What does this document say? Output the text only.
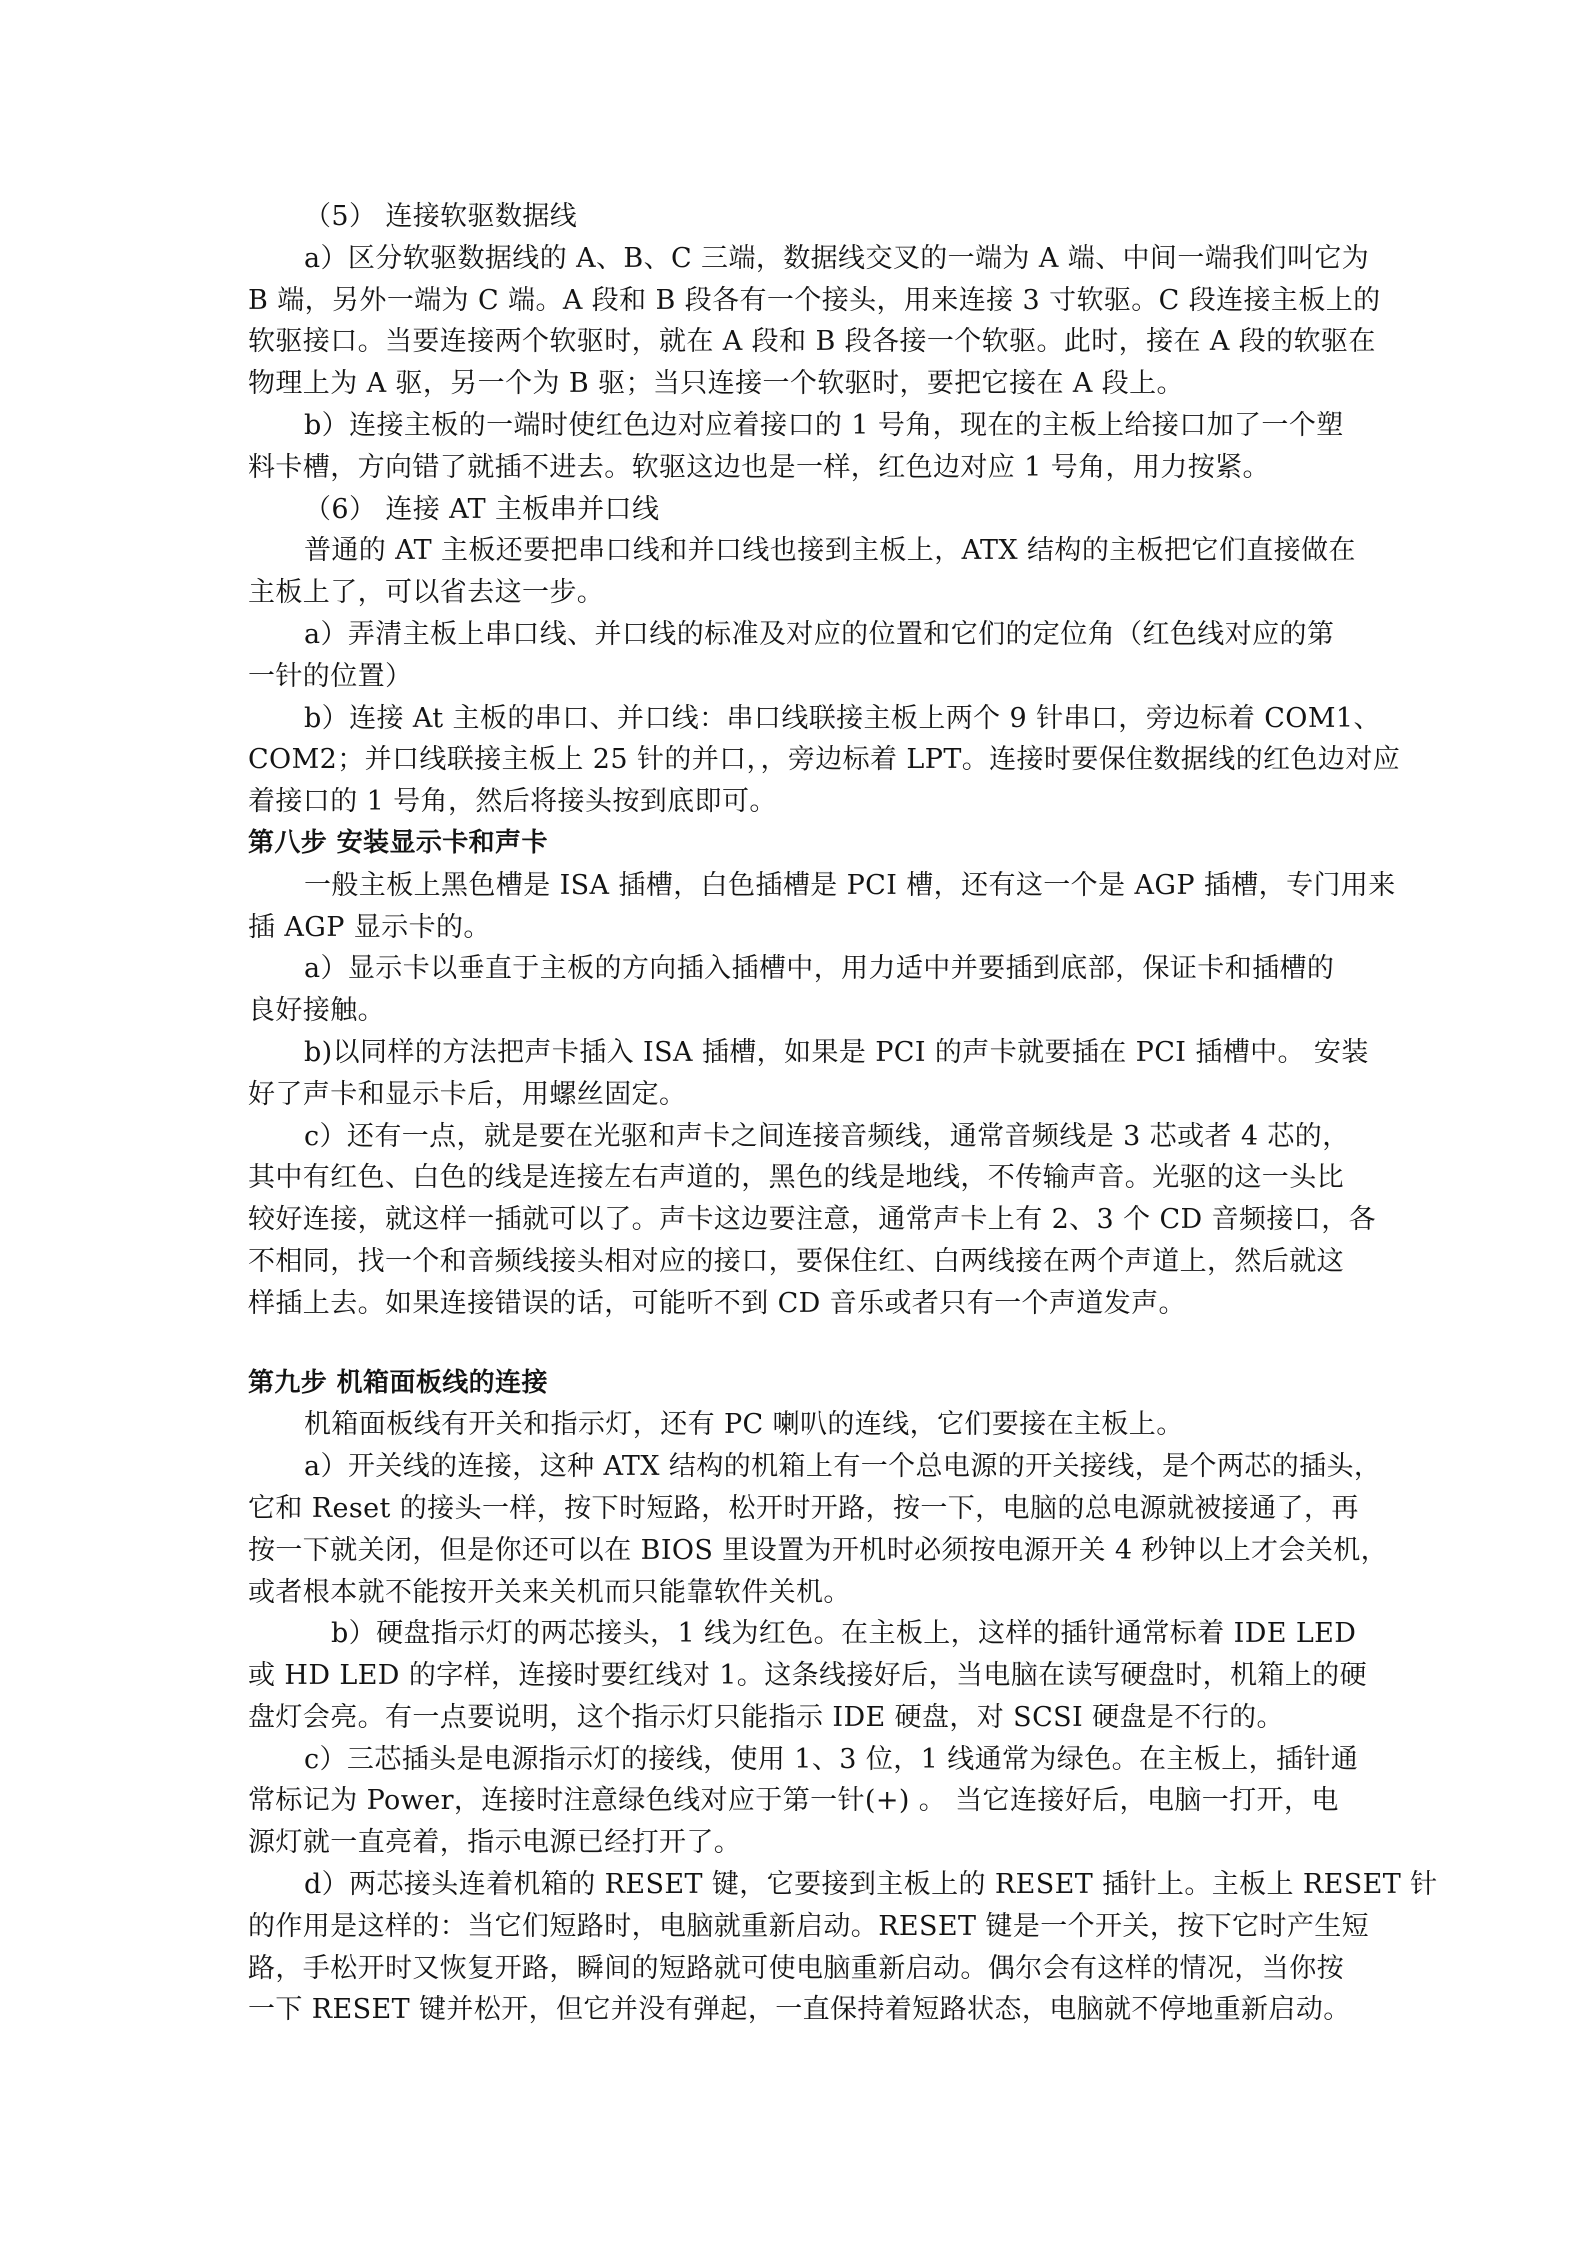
（5） 连接软驱数据线
a）区分软驱数据线的 A、B、C 三端，数据线交叉的一端为 A 端、中间一端我们叫它为
B 端，另外一端为 C 端。A 段和 B 段各有一个接头，用来连接 3 寸软驱。C 段连接主板上的
软驱接口。当要连接两个软驱时，就在 A 段和 B 段各接一个软驱。此时，接在 A 段的软驱在
物理上为 A 驱，另一个为 B 驱；当只连接一个软驱时，要把它接在 A 段上。
b）连接主板的一端时使红色边对应着接口的 1 号角，现在的主板上给接口加了一个塑
料卡槽，方向错了就插不进去。软驱这边也是一样，红色边对应 1 号角，用力按紧。
（6） 连接 AT 主板串并口线
普通的 AT 主板还要把串口线和并口线也接到主板上，ATX 结构的主板把它们直接做在
主板上了，可以省去这一步。
a）弄清主板上串口线、并口线的标准及对应的位置和它们的定位角（红色线对应的第
一针的位置）
b）连接 At 主板的串口、并口线：串口线联接主板上两个 9 针串口，旁边标着 COM1、
COM2；并口线联接主板上 25 针的并口，，旁边标着 LPT。连接时要保住数据线的红色边对应
着接口的 1 号角，然后将接头按到底即可。
第八步 安装显示卡和声卡
一般主板上黑色槽是 ISA 插槽，白色插槽是 PCI 槽，还有这一个是 AGP 插槽，专门用来
插 AGP 显示卡的。
a）显示卡以垂直于主板的方向插入插槽中，用力适中并要插到底部，保证卡和插槽的
良好接触。
b)以同样的方法把声卡插入 ISA 插槽，如果是 PCI 的声卡就要插在 PCI 插槽中。 安装
好了声卡和显示卡后，用螺丝固定。
c）还有一点，就是要在光驱和声卡之间连接音频线，通常音频线是 3 芯或者 4 芯的，
其中有红色、白色的线是连接左右声道的，黑色的线是地线，不传输声音。光驱的这一头比
较好连接，就这样一插就可以了。声卡这边要注意，通常声卡上有 2、3 个 CD 音频接口，各
不相同，找一个和音频线接头相对应的接口，要保住红、白两线接在两个声道上，然后就这
样插上去。如果连接错误的话，可能听不到 CD 音乐或者只有一个声道发声。
第九步 机箱面板线的连接
机箱面板线有开关和指示灯，还有 PC 喇叭的连线，它们要接在主板上。
a）开关线的连接，这种 ATX 结构的机箱上有一个总电源的开关接线，是个两芯的插头，
它和 Reset 的接头一样，按下时短路，松开时开路，按一下，电脑的总电源就被接通了，再
按一下就关闭，但是你还可以在 BIOS 里设置为开机时必须按电源开关 4 秒钟以上才会关机，
或者根本就不能按开关来关机而只能靠软件关机。
b）硬盘指示灯的两芯接头，1 线为红色。在主板上，这样的插针通常标着 IDE LED
或 HD LED 的字样，连接时要红线对 1。这条线接好后，当电脑在读写硬盘时，机箱上的硬
盘灯会亮。有一点要说明，这个指示灯只能指示 IDE 硬盘，对 SCSI 硬盘是不行的。
c）三芯插头是电源指示灯的接线，使用 1、3 位，1 线通常为绿色。在主板上，插针通
常标记为 Power，连接时注意绿色线对应于第一针(+) 。 当它连接好后，电脑一打开，电
源灯就一直亮着，指示电源已经打开了。
d）两芯接头连着机箱的 RESET 键，它要接到主板上的 RESET 插针上。主板上 RESET 针
的作用是这样的：当它们短路时，电脑就重新启动。RESET 键是一个开关，按下它时产生短
路，手松开时又恢复开路，瞬间的短路就可使电脑重新启动。偶尔会有这样的情况，当你按
一下 RESET 键并松开，但它并没有弹起，一直保持着短路状态，电脑就不停地重新启动。
